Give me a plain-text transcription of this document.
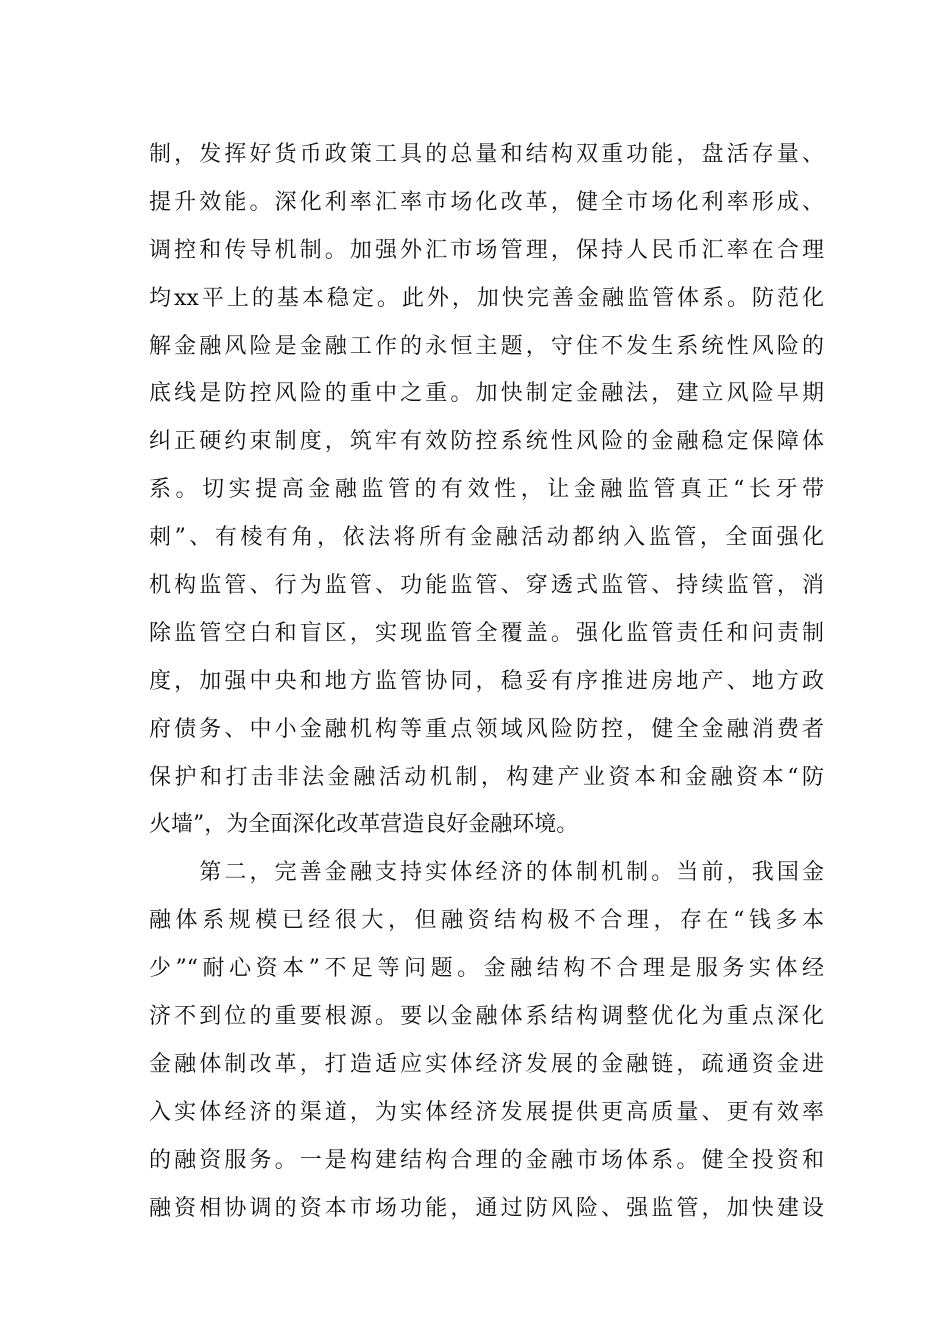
制，发挥好货币政策工具的总量和结构双重功能，盘活存量、
提升效能。深化利率汇率市场化改革，健全市场化利率形成、
调控和传导机制。加强外汇市场管理，保持人民币汇率在合理
均xx平上的基本稳定。此外，加快完善金融监管体系。防范化
解金融风险是金融工作的永恒主题，守住不发生系统性风险的
底线是防控风险的重中之重。加快制定金融法，建立风险早期
纠正硬约束制度，筑牢有效防控系统性风险的金融稳定保障体
系。切实提高金融监管的有效性，让金融监管真正“长牙带
刺”、有棱有角，依法将所有金融活动都纳入监管，全面强化
机构监管、行为监管、功能监管、穿透式监管、持续监管，消
除监管空白和盲区，实现监管全覆盖。强化监管责任和问责制
度，加强中央和地方监管协同，稳妥有序推进房地产、地方政
府债务、中小金融机构等重点领域风险防控，健全金融消费者
保护和打击非法金融活动机制，构建产业资本和金融资本“防
火墙”，为全面深化改革营造良好金融环境。
　　第二，完善金融支持实体经济的体制机制。当前，我国金
融体系规模已经很大，但融资结构极不合理，存在“钱多本
少”“耐心资本”不足等问题。金融结构不合理是服务实体经
济不到位的重要根源。要以金融体系结构调整优化为重点深化
金融体制改革，打造适应实体经济发展的金融链，疏通资金进
入实体经济的渠道，为实体经济发展提供更高质量、更有效率
的融资服务。一是构建结构合理的金融市场体系。健全投资和
融资相协调的资本市场功能，通过防风险、强监管，加快建设
